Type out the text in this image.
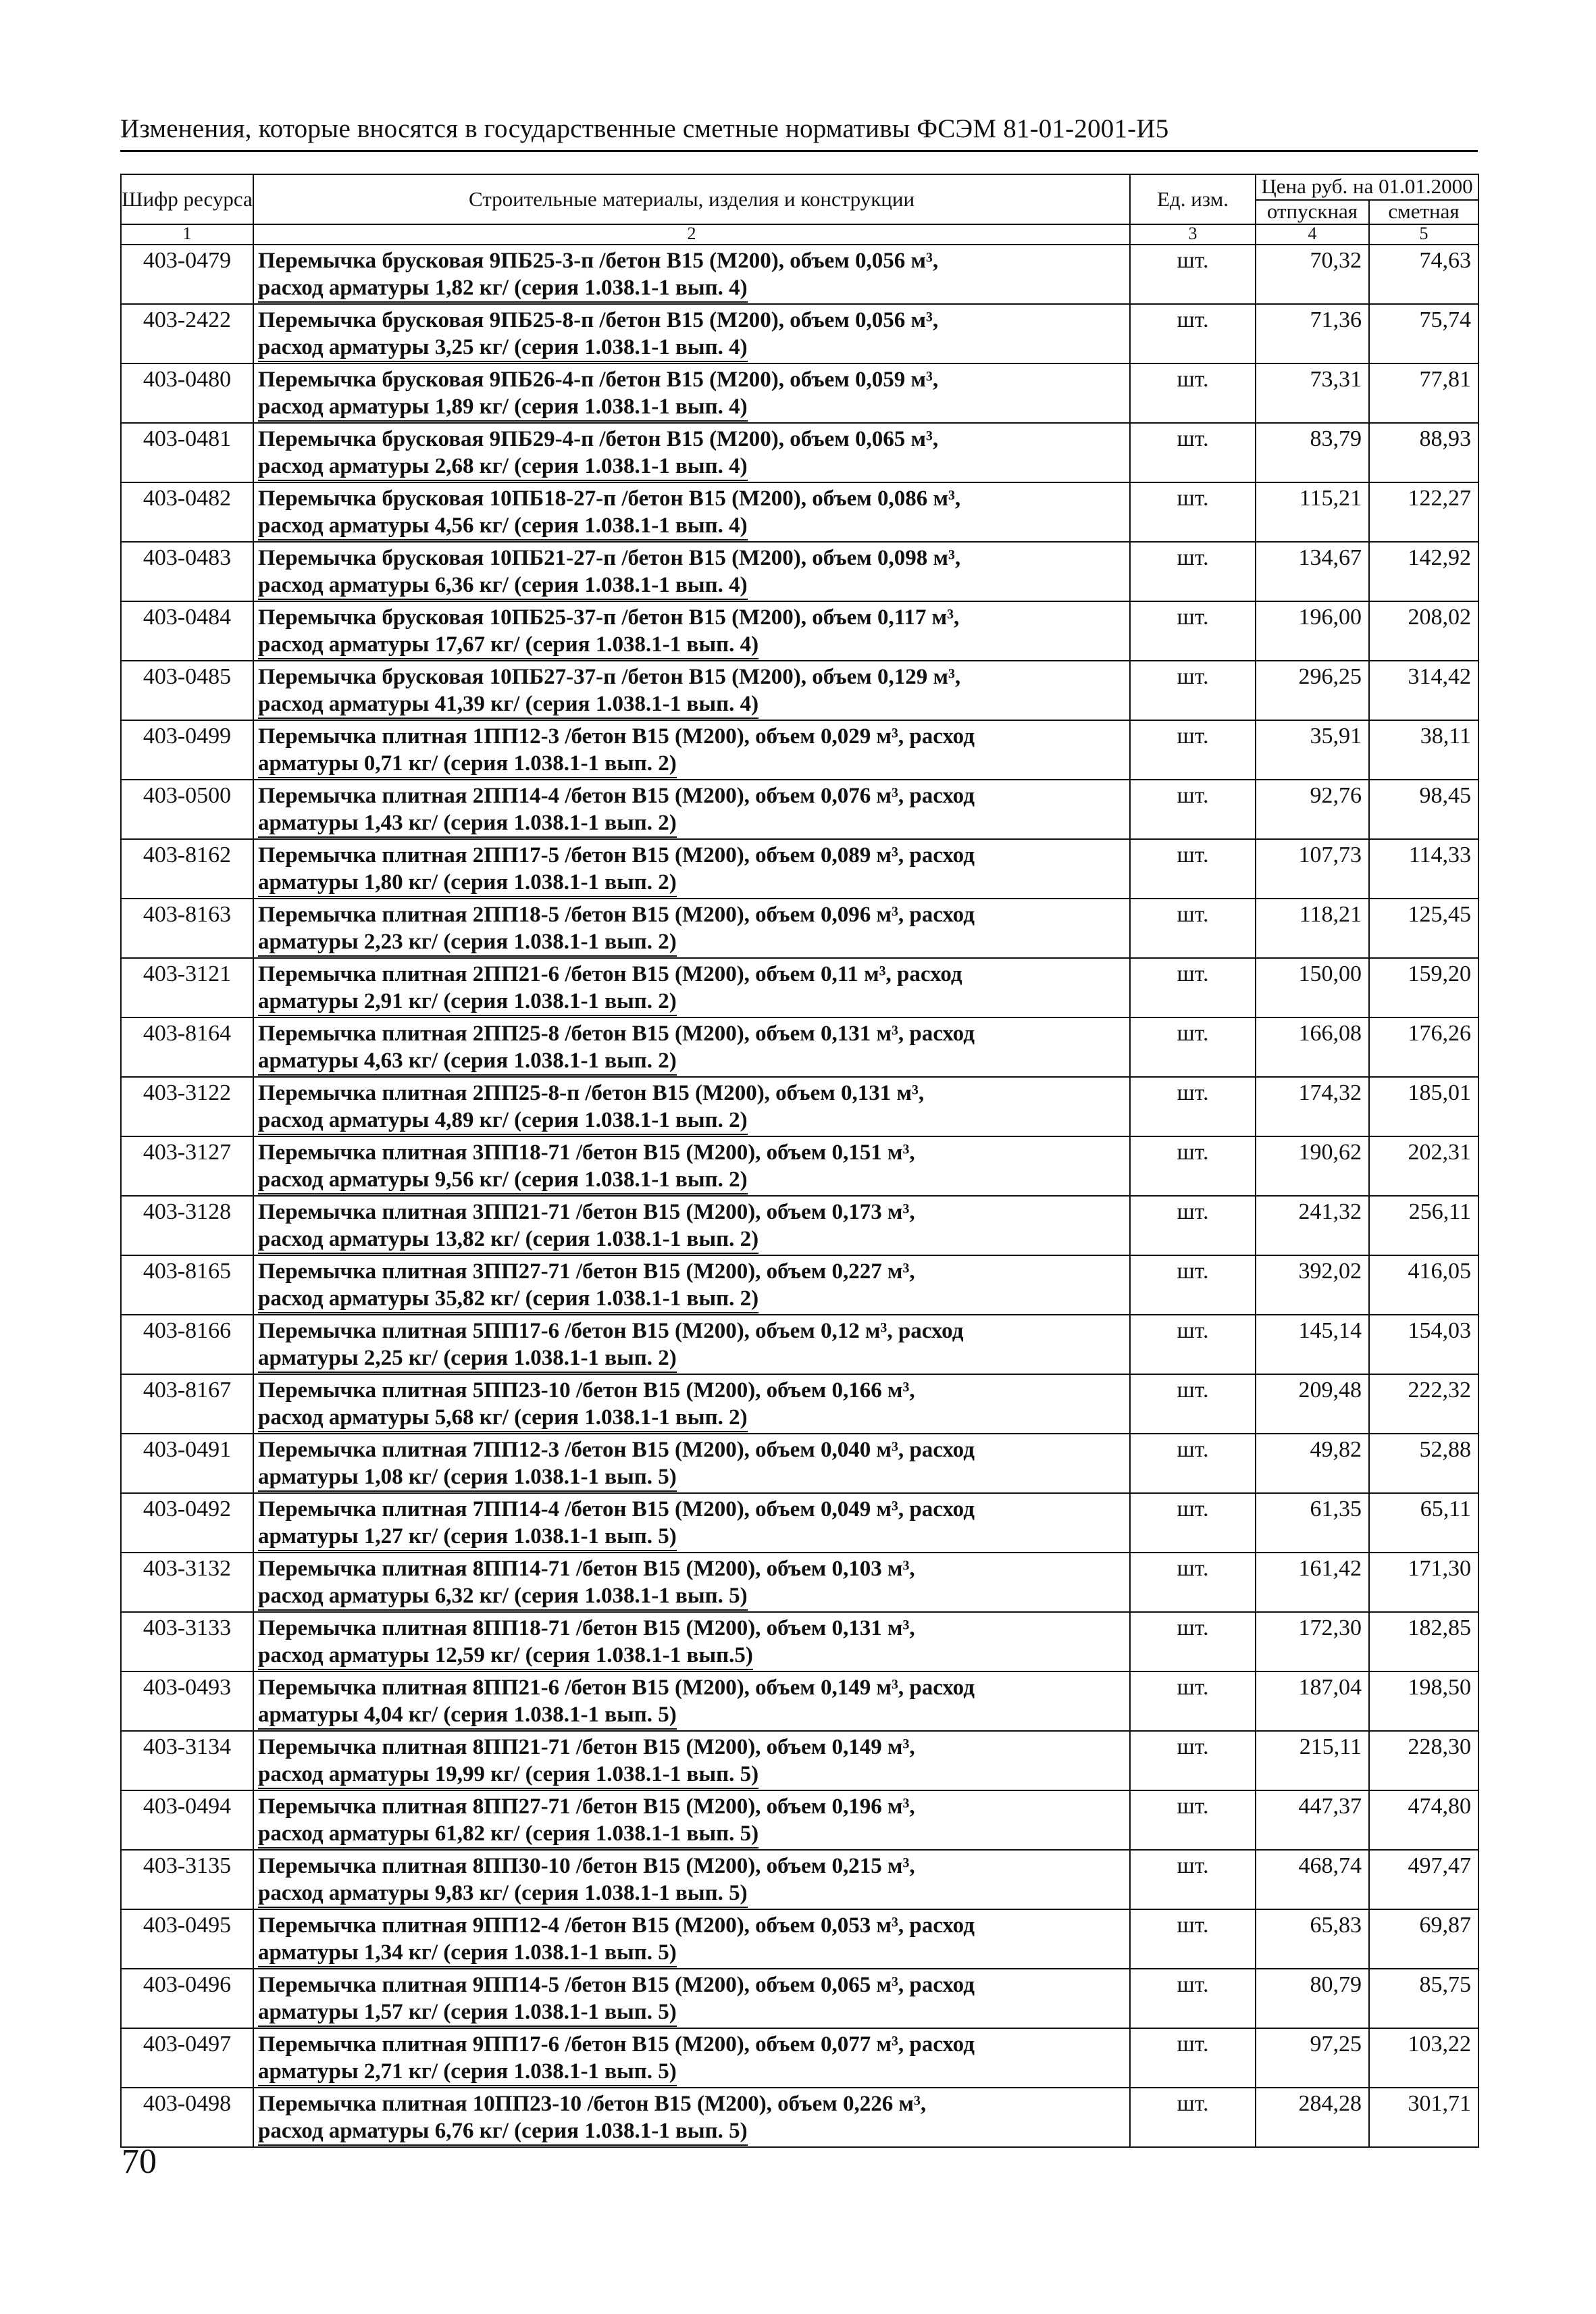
Изменения, которые вносятся в государственные сметные нормативы ФСЭМ 81-01-2001-И5
Шифр ресурса	Строительные материалы, изделия и конструкции	Ед. изм.	Цена руб. на 01.01.2000	
			отпускная	сметная
1	2	3	4	5
403-0479	Перемычка брусковая 9ПБ25-3-п /бетон В15 (М200), объем 0,056 м³,
расход арматуры 1,82 кг/ (серия 1.038.1-1 вып. 4)	шт.	70,32	74,63
403-2422	Перемычка брусковая 9ПБ25-8-п /бетон В15 (М200), объем 0,056 м³,
расход арматуры 3,25 кг/ (серия 1.038.1-1 вып. 4)	шт.	71,36	75,74
403-0480	Перемычка брусковая 9ПБ26-4-п /бетон В15 (М200), объем 0,059 м³,
расход арматуры 1,89 кг/ (серия 1.038.1-1 вып. 4)	шт.	73,31	77,81
403-0481	Перемычка брусковая 9ПБ29-4-п /бетон В15 (М200), объем 0,065 м³,
расход арматуры 2,68 кг/ (серия 1.038.1-1 вып. 4)	шт.	83,79	88,93
403-0482	Перемычка брусковая 10ПБ18-27-п /бетон В15 (М200), объем 0,086 м³,
расход арматуры 4,56 кг/ (серия 1.038.1-1 вып. 4)	шт.	115,21	122,27
403-0483	Перемычка брусковая 10ПБ21-27-п /бетон В15 (М200), объем 0,098 м³,
расход арматуры 6,36 кг/ (серия 1.038.1-1 вып. 4)	шт.	134,67	142,92
403-0484	Перемычка брусковая 10ПБ25-37-п /бетон В15 (М200), объем 0,117 м³,
расход арматуры 17,67 кг/ (серия 1.038.1-1 вып. 4)	шт.	196,00	208,02
403-0485	Перемычка брусковая 10ПБ27-37-п /бетон В15 (М200), объем 0,129 м³,
расход арматуры 41,39 кг/ (серия 1.038.1-1 вып. 4)	шт.	296,25	314,42
403-0499	Перемычка плитная 1ПП12-3 /бетон В15 (М200), объем 0,029 м³, расход
арматуры 0,71 кг/ (серия 1.038.1-1 вып. 2)	шт.	35,91	38,11
403-0500	Перемычка плитная 2ПП14-4 /бетон В15 (М200), объем 0,076 м³, расход
арматуры 1,43 кг/ (серия 1.038.1-1 вып. 2)	шт.	92,76	98,45
403-8162	Перемычка плитная 2ПП17-5 /бетон В15 (М200), объем 0,089 м³, расход
арматуры 1,80 кг/ (серия 1.038.1-1 вып. 2)	шт.	107,73	114,33
403-8163	Перемычка плитная 2ПП18-5 /бетон В15 (М200), объем 0,096 м³, расход
арматуры 2,23 кг/ (серия 1.038.1-1 вып. 2)	шт.	118,21	125,45
403-3121	Перемычка плитная 2ПП21-6 /бетон В15 (М200), объем 0,11 м³, расход
арматуры 2,91 кг/ (серия 1.038.1-1 вып. 2)	шт.	150,00	159,20
403-8164	Перемычка плитная 2ПП25-8 /бетон В15 (М200), объем 0,131 м³, расход
арматуры 4,63 кг/ (серия 1.038.1-1 вып. 2)	шт.	166,08	176,26
403-3122	Перемычка плитная 2ПП25-8-п /бетон В15 (М200), объем 0,131 м³,
расход арматуры 4,89 кг/ (серия 1.038.1-1 вып. 2)	шт.	174,32	185,01
403-3127	Перемычка плитная 3ПП18-71 /бетон В15 (М200), объем 0,151 м³,
расход арматуры 9,56 кг/ (серия 1.038.1-1 вып. 2)	шт.	190,62	202,31
403-3128	Перемычка плитная 3ПП21-71 /бетон В15 (М200), объем 0,173 м³,
расход арматуры 13,82 кг/ (серия 1.038.1-1 вып. 2)	шт.	241,32	256,11
403-8165	Перемычка плитная 3ПП27-71 /бетон В15 (М200), объем 0,227 м³,
расход арматуры 35,82 кг/ (серия 1.038.1-1 вып. 2)	шт.	392,02	416,05
403-8166	Перемычка плитная 5ПП17-6 /бетон В15 (М200), объем 0,12 м³, расход
арматуры 2,25 кг/ (серия 1.038.1-1 вып. 2)	шт.	145,14	154,03
403-8167	Перемычка плитная 5ПП23-10 /бетон В15 (М200), объем 0,166 м³,
расход арматуры 5,68 кг/ (серия 1.038.1-1 вып. 2)	шт.	209,48	222,32
403-0491	Перемычка плитная 7ПП12-3 /бетон В15 (М200), объем 0,040 м³, расход
арматуры 1,08 кг/ (серия 1.038.1-1 вып. 5)	шт.	49,82	52,88
403-0492	Перемычка плитная 7ПП14-4 /бетон В15 (М200), объем 0,049 м³, расход
арматуры 1,27 кг/ (серия 1.038.1-1 вып. 5)	шт.	61,35	65,11
403-3132	Перемычка плитная 8ПП14-71 /бетон В15 (М200), объем 0,103 м³,
расход арматуры 6,32 кг/ (серия 1.038.1-1 вып. 5)	шт.	161,42	171,30
403-3133	Перемычка плитная 8ПП18-71 /бетон В15 (М200), объем 0,131 м³,
расход арматуры 12,59 кг/ (серия 1.038.1-1 вып.5)	шт.	172,30	182,85
403-0493	Перемычка плитная 8ПП21-6 /бетон В15 (М200), объем 0,149 м³, расход
арматуры 4,04 кг/ (серия 1.038.1-1 вып. 5)	шт.	187,04	198,50
403-3134	Перемычка плитная 8ПП21-71 /бетон В15 (М200), объем 0,149 м³,
расход арматуры 19,99 кг/ (серия 1.038.1-1 вып. 5)	шт.	215,11	228,30
403-0494	Перемычка плитная 8ПП27-71 /бетон В15 (М200), объем 0,196 м³,
расход арматуры 61,82 кг/ (серия 1.038.1-1 вып. 5)	шт.	447,37	474,80
403-3135	Перемычка плитная 8ПП30-10 /бетон В15 (М200), объем 0,215 м³,
расход арматуры 9,83 кг/ (серия 1.038.1-1 вып. 5)	шт.	468,74	497,47
403-0495	Перемычка плитная 9ПП12-4 /бетон В15 (М200), объем 0,053 м³, расход
арматуры 1,34 кг/ (серия 1.038.1-1 вып. 5)	шт.	65,83	69,87
403-0496	Перемычка плитная 9ПП14-5 /бетон В15 (М200), объем 0,065 м³, расход
арматуры 1,57 кг/ (серия 1.038.1-1 вып. 5)	шт.	80,79	85,75
403-0497	Перемычка плитная 9ПП17-6 /бетон В15 (М200), объем 0,077 м³, расход
арматуры 2,71 кг/ (серия 1.038.1-1 вып. 5)	шт.	97,25	103,22
403-0498	Перемычка плитная 10ПП23-10 /бетон В15 (М200), объем 0,226 м³,
расход арматуры 6,76 кг/ (серия 1.038.1-1 вып. 5)	шт.	284,28	301,71
70
